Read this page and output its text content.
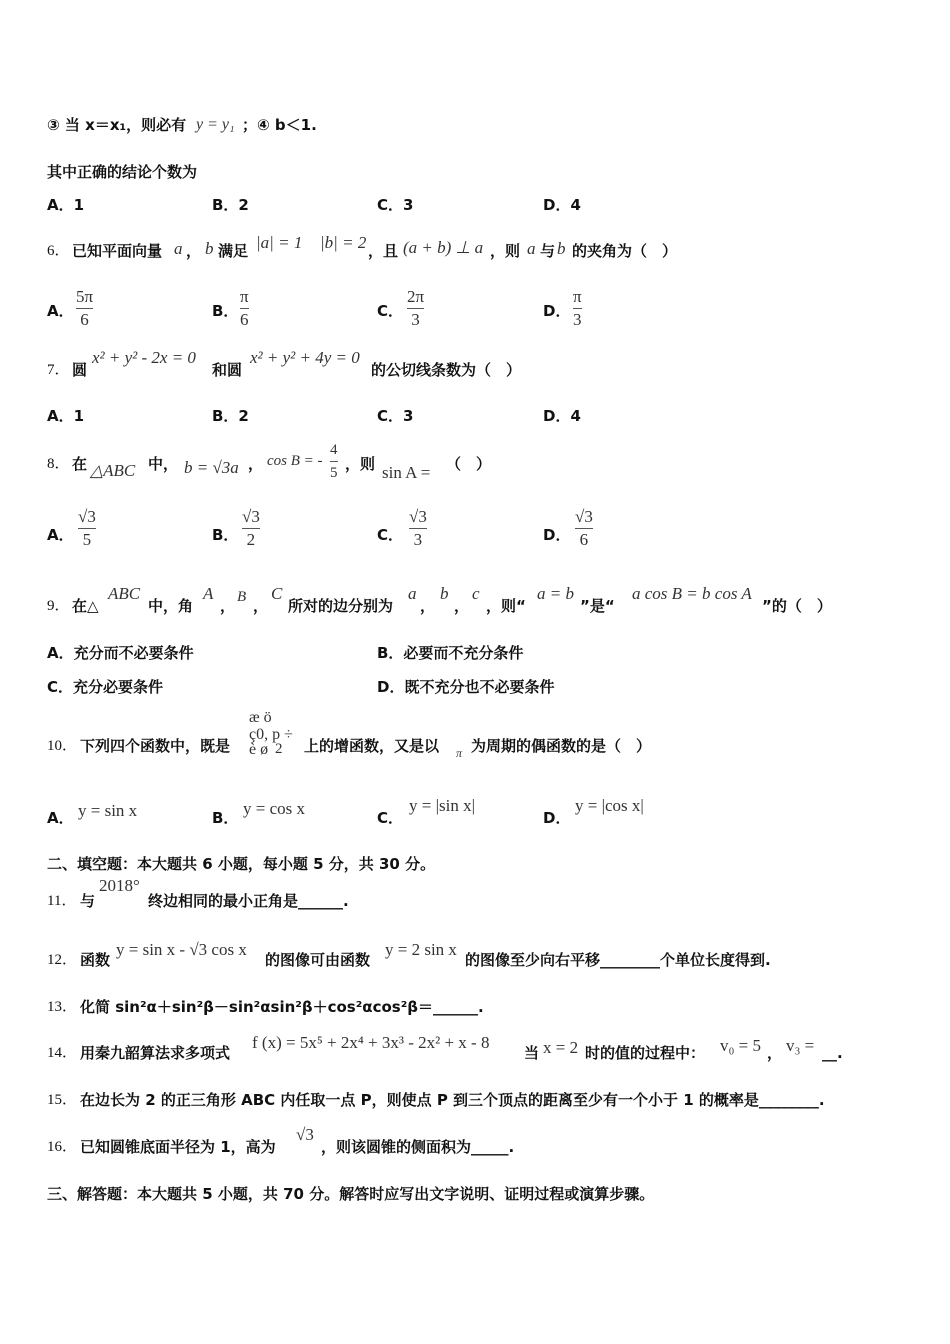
③ 当 x＝x₁，则必有 y = y₁ ；④ b＜1.
其中正确的结论个数为
A．1	B．2	C．3	D．4
6． 已知平面向量 a ， b 满足 |a| = 1 |b| = 2 ，且 (a + b) ⊥ a ，则 a 与 b 的夹角为（　）
A． $\frac{5\pi}{6}$	B． $\frac{\pi}{6}$	C． $\frac{2\pi}{3}$	D． $\frac{\pi}{3}$
7． 圆
x² + y² - 2x = 0
和圆
x² + y² + 4y = 0
的公切线条数为（　）
A．1	B．2	C．3	D．4
8． 在 △ABC 中， b = √3a ， cos B = - $\frac{4}{5}$ ，则 sin A = （　）
A． $\frac{√3}{5}$	B． $\frac{√3}{2}$	C． $\frac{√3}{3}$	D． $\frac{√3}{6}$
9． 在△
ABC
中，角
A
， B ，
C
所对的边分别为
a
，
b
，
c
，则“
a = b
”是“
a cos B = b cos A
”的（　）
A．充分而不必要条件	B．必要而不充分条件
C．充分必要条件	D．既不充分也不必要条件
10． 下列四个函数中，既是
æ ö
ç0, p ÷
2
è ø 上的增函数，又是以 π 为周期的偶函数的是（　）
A． y = sin x	B． y = cos x	C．
y = |sin x|
D．
y = |cos x|
二、填空题：本大题共 6 小题，每小题 5 分，共 30 分。
11． 与
2018°
终边相同的最小正角是______.
12． 函数
y = sin x - √3 cos x
的图像可由函数
y = 2 sin x
的图像至少向右平移________个单位长度得到.
13． 化简 sin²α＋sin²β－sin²αsin²β＋cos²αcos²β＝______.
14． 用秦九韶算法求多项式
f (x) = 5x⁵ + 2x⁴ + 3x³ - 2x² + x - 8
当 x = 2 时的值的过程中： v₀ = 5 ， v₃ = __.
15． 在边长为 2 的正三角形 ABC 内任取一点 P，则使点 P 到三个顶点的距离至少有一个小于 1 的概率是________.
16． 已知圆锥底面半径为 1，高为
√3
，则该圆锥的侧面积为_____.
三、解答题：本大题共 5 小题，共 70 分。解答时应写出文字说明、证明过程或演算步骤。
